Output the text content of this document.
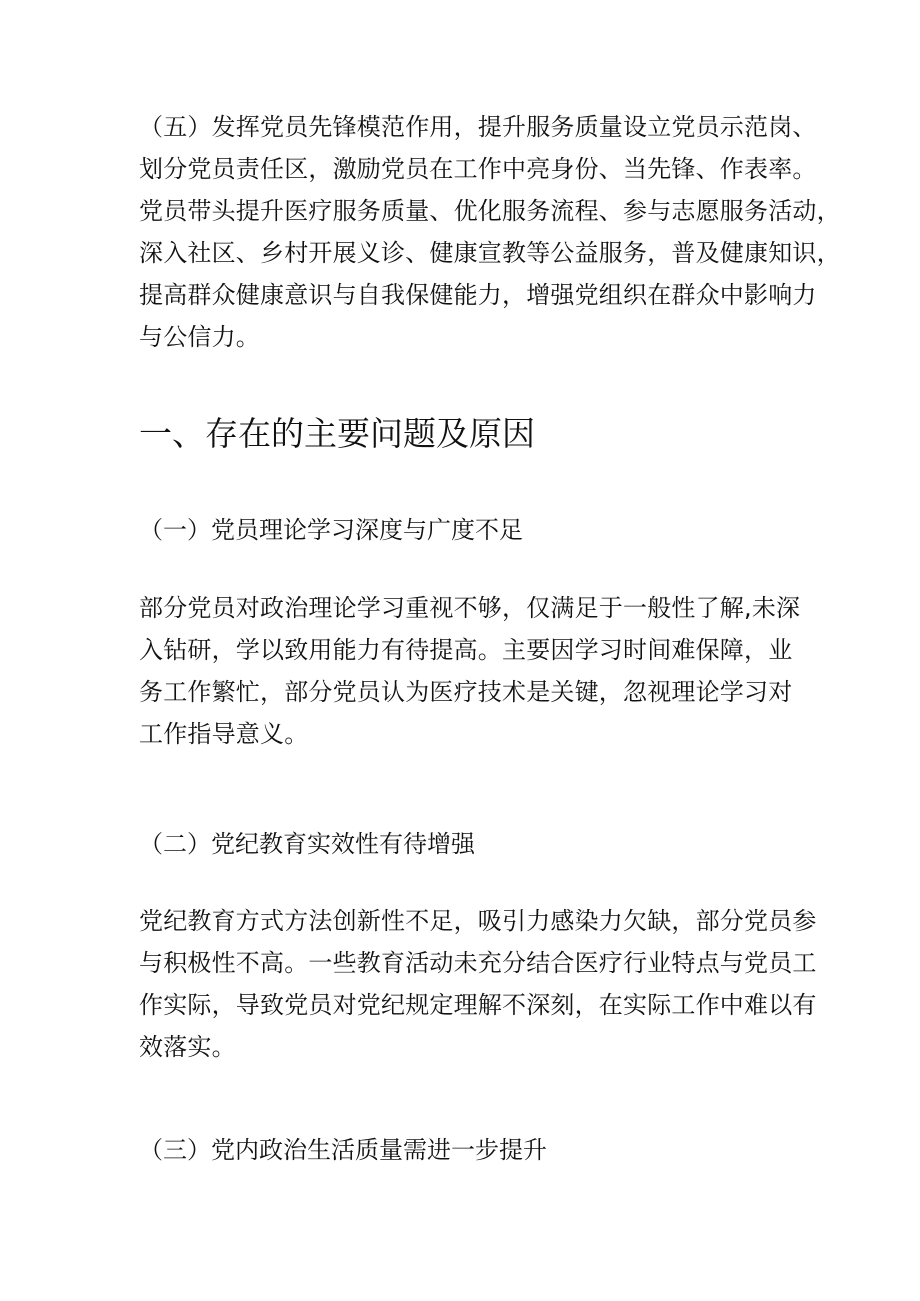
（五）发挥党员先锋模范作用，提升服务质量设立党员示范岗、
划分党员责任区，激励党员在工作中亮身份、当先锋、作表率。
党员带头提升医疗服务质量、优化服务流程、参与志愿服务活动，
深入社区、乡村开展义诊、健康宣教等公益服务，普及健康知识，
提高群众健康意识与自我保健能力，增强党组织在群众中影响力
与公信力。
一、存在的主要问题及原因
（一）党员理论学习深度与广度不足
部分党员对政治理论学习重视不够，仅满足于一般性了解,未深
入钻研，学以致用能力有待提高。主要因学习时间难保障，业
务工作繁忙，部分党员认为医疗技术是关键，忽视理论学习对
工作指导意义。
（二）党纪教育实效性有待增强
党纪教育方式方法创新性不足，吸引力感染力欠缺，部分党员参
与积极性不高。一些教育活动未充分结合医疗行业特点与党员工
作实际，导致党员对党纪规定理解不深刻，在实际工作中难以有
效落实。
（三）党内政治生活质量需进一步提升
